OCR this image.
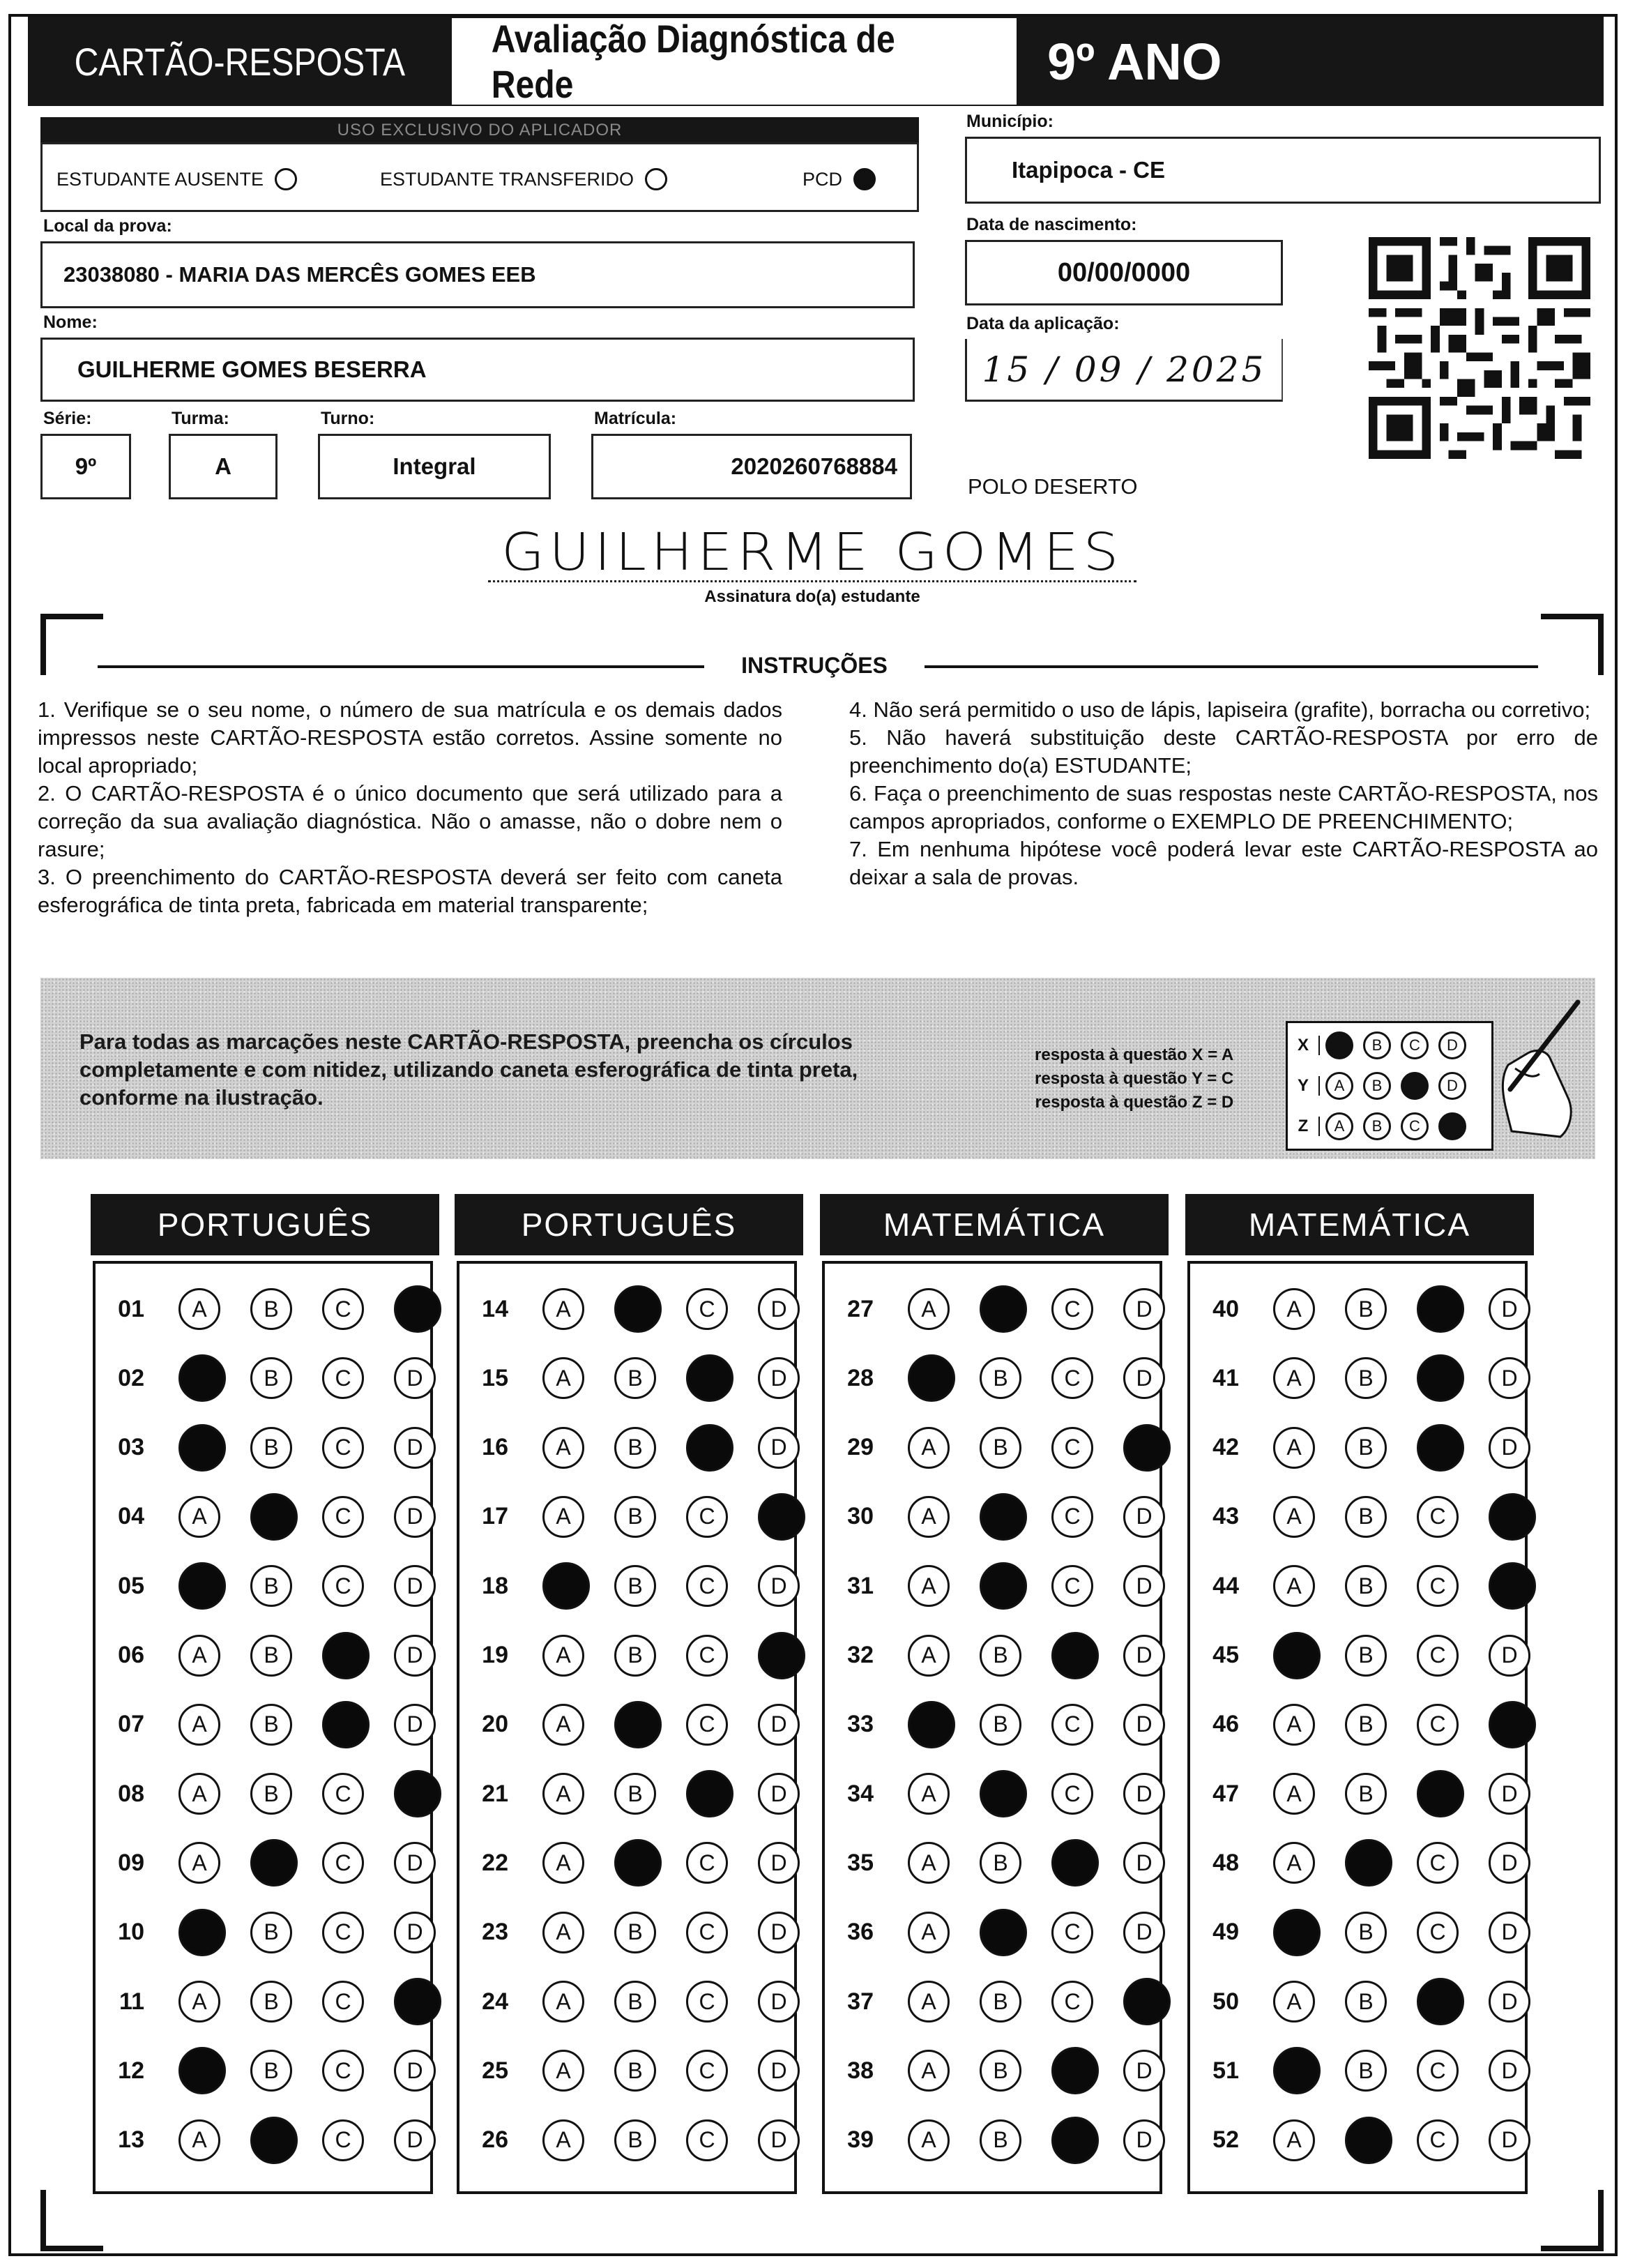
CARTÃO-RESPOSTA
Avaliação Diagnóstica de Rede	9º ANO
USO EXCLUSIVO DO APLICADOR
ESTUDANTE AUSENTE	ESTUDANTE TRANSFERIDO	PCD
Município:
Itapipoca - CE
Local da prova:
23038080 - MARIA DAS MERCÊS GOMES EEB
Data de nascimento:
00/00/0000
Data da aplicação:
15 / 09 / 2025
Nome:
GUILHERME GOMES BESERRA
Série:
9º
Turma:
A
Turno:
Integral
Matrícula:
2020260768884
POLO DESERTO
GUILHERME GOMES
Assinatura do(a) estudante
INSTRUÇÕES

1. Verifique se o seu nome, o número de sua matrícula e os demais dados impressos neste CARTÃO-RESPOSTA estão corretos. Assine somente no local apropriado;

2. O CARTÃO-RESPOSTA é o único documento que será utilizado para a correção da sua avaliação diagnóstica. Não o amasse, não o dobre nem o rasure;

3. O preenchimento do CARTÃO-RESPOSTA deverá ser feito com caneta esferográfica de tinta preta, fabricada em material transparente;

4. Não será permitido o uso de lápis, lapiseira (grafite), borracha ou corretivo;

5. Não haverá substituição deste CARTÃO-RESPOSTA por erro de preenchimento do(a) ESTUDANTE;

6. Faça o preenchimento de suas respostas neste CARTÃO-RESPOSTA, nos campos apropriados, conforme o EXEMPLO DE PREENCHIMENTO;

7. Em nenhuma hipótese você poderá levar este CARTÃO-RESPOSTA ao deixar a sala de provas.

Para todas as marcações neste CARTÃO-RESPOSTA, preencha os círculos completamente e com nitidez, utilizando caneta esferográfica de tinta preta, conforme na ilustração.
resposta à questão X = A
resposta à questão Y = C
resposta à questão Z = D
X	A	B	C	D
Y	A	B	C	D
Z	A	B	C	D
PORTUGUÊS
01	A	B	C	D
02	A	B	C	D
03	A	B	C	D
04	A	B	C	D
05	A	B	C	D
06	A	B	C	D
07	A	B	C	D
08	A	B	C	D
09	A	B	C	D
10	A	B	C	D
11	A	B	C	D
12	A	B	C	D
13	A	B	C	D
PORTUGUÊS
14	A	B	C	D
15	A	B	C	D
16	A	B	C	D
17	A	B	C	D
18	A	B	C	D
19	A	B	C	D
20	A	B	C	D
21	A	B	C	D
22	A	B	C	D
23	A	B	C	D
24	A	B	C	D
25	A	B	C	D
26	A	B	C	D
MATEMÁTICA
27	A	B	C	D
28	A	B	C	D
29	A	B	C	D
30	A	B	C	D
31	A	B	C	D
32	A	B	C	D
33	A	B	C	D
34	A	B	C	D
35	A	B	C	D
36	A	B	C	D
37	A	B	C	D
38	A	B	C	D
39	A	B	C	D
MATEMÁTICA
40	A	B	C	D
41	A	B	C	D
42	A	B	C	D
43	A	B	C	D
44	A	B	C	D
45	A	B	C	D
46	A	B	C	D
47	A	B	C	D
48	A	B	C	D
49	A	B	C	D
50	A	B	C	D
51	A	B	C	D
52	A	B	C	D
